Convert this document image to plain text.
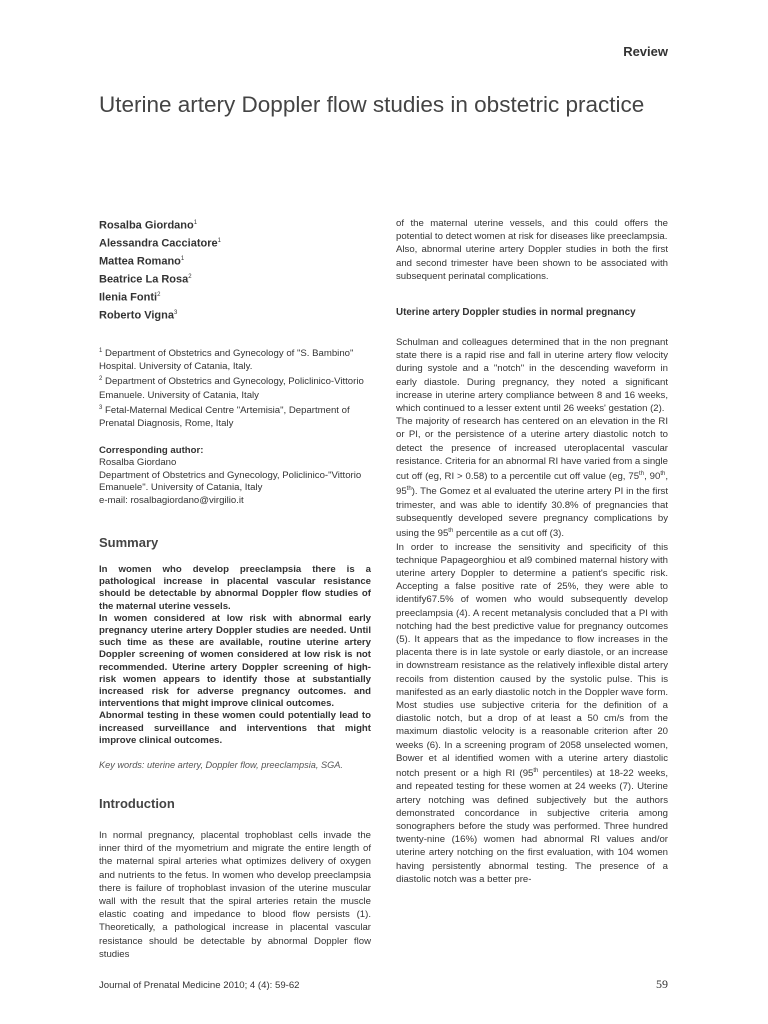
Review
Uterine artery Doppler flow studies in obstetric practice
Rosalba Giordano$^1$
Alessandra Cacciatore$^1$
Mattea Romano$^1$
Beatrice La Rosa$^2$
Ilenia Fonti$^2$
Roberto Vigna$^3$
$^1$ Department of Obstetrics and Gynecology of "S. Bambino" Hospital. University of Catania, Italy.
$^2$ Department of Obstetrics and Gynecology, Policlinico-Vittorio Emanuele. University of Catania, Italy
$^3$ Fetal-Maternal Medical Centre "Artemisia", Department of Prenatal Diagnosis, Rome, Italy
Corresponding author:
Rosalba Giordano
Department of Obstetrics and Gynecology, Policlinico-"Vittorio Emanuele". University of Catania, Italy
e-mail: rosalbagiordano@virgilio.it
Summary

In women who develop preeclampsia there is a pathological increase in placental vascular resistance should be detectable by abnormal Doppler flow studies of the maternal uterine vessels.

In women considered at low risk with abnormal early pregnancy uterine artery Doppler studies are needed. Until such time as these are available, routine uterine artery Doppler screening of women considered at low risk is not recommended. Uterine artery Doppler screening of high-risk women appears to identify those at substantially increased risk for adverse pregnancy outcomes. and interventions that might improve clinical outcomes.

Abnormal testing in these women could potentially lead to increased surveillance and interventions that might improve clinical outcomes.

Key words: uterine artery, Doppler flow, preeclampsia, SGA.
Introduction

In normal pregnancy, placental trophoblast cells invade the inner third of the myometrium and migrate the entire length of the maternal spiral arteries what optimizes delivery of oxygen and nutrients to the fetus. In women who develop preeclampsia there is failure of trophoblast invasion of the uterine muscular wall with the result that the spiral arteries retain the muscle elastic coating and impedance to blood flow persists (1). Theoretically, a pathological increase in placental vascular resistance should be detectable by abnormal Doppler flow studies

of the maternal uterine vessels, and this could offers the potential to detect women at risk for diseases like preeclampsia.

Also, abnormal uterine artery Doppler studies in both the first and second trimester have been shown to be associated with subsequent perinatal complications.

Uterine artery Doppler studies in normal pregnancy

Schulman and colleagues determined that in the non pregnant state there is a rapid rise and fall in uterine artery flow velocity during systole and a "notch" in the descending waveform in early diastole. During pregnancy, they noted a significant increase in uterine artery compliance between 8 and 16 weeks, which continued to a lesser extent until 26 weeks' gestation (2).

The majority of research has centered on an elevation in the RI or PI, or the persistence of a uterine artery diastolic notch to detect the presence of increased uteroplacental vascular resistance. Criteria for an abnormal RI have varied from a single cut off (eg, RI > 0.58) to a percentile cut off value (eg, 75th, 90th, 95th). The Gomez et al evaluated the uterine artery PI in the first trimester, and was able to identify 30.8% of pregnancies that subsequently developed severe pregnancy complications by using the 95th percentile as a cut off (3).

In order to increase the sensitivity and specificity of this technique Papageorghiou et al9 combined maternal history with uterine artery Doppler to determine a patient's specific risk. Accepting a false positive rate of 25%, they were able to identify67.5% of women who would subsequently develop preeclampsia (4). A recent metanalysis concluded that a PI with notching had the best predictive value for pregnancy outcomes (5). It appears that as the impedance to flow increases in the placenta there is in late systole or early diastole, or an increase in downstream resistance as the relatively inflexible distal artery recoils from distention caused by the systolic pulse. This is manifested as an early diastolic notch in the Doppler wave form. Most studies use subjective criteria for the definition of a diastolic notch, but a drop of at least a 50 cm/s from the maximum diastolic velocity is a reasonable criterion after 20 weeks (6). In a screening program of 2058 unselected women, Bower et al identified women with a uterine artery diastolic notch present or a high RI (95th percentiles) at 18-22 weeks, and repeated testing for these women at 24 weeks (7). Uterine artery notching was defined subjectively but the authors demonstrated concordance in subjective criteria among sonographers before the study was performed. Three hundred twenty-nine (16%) women had abnormal RI values and/or uterine artery notching on the first evaluation, with 104 women having persistently abnormal testing. The presence of a diastolic notch was a better pre-

Journal of Prenatal Medicine 2010; 4 (4): 59-62	59
